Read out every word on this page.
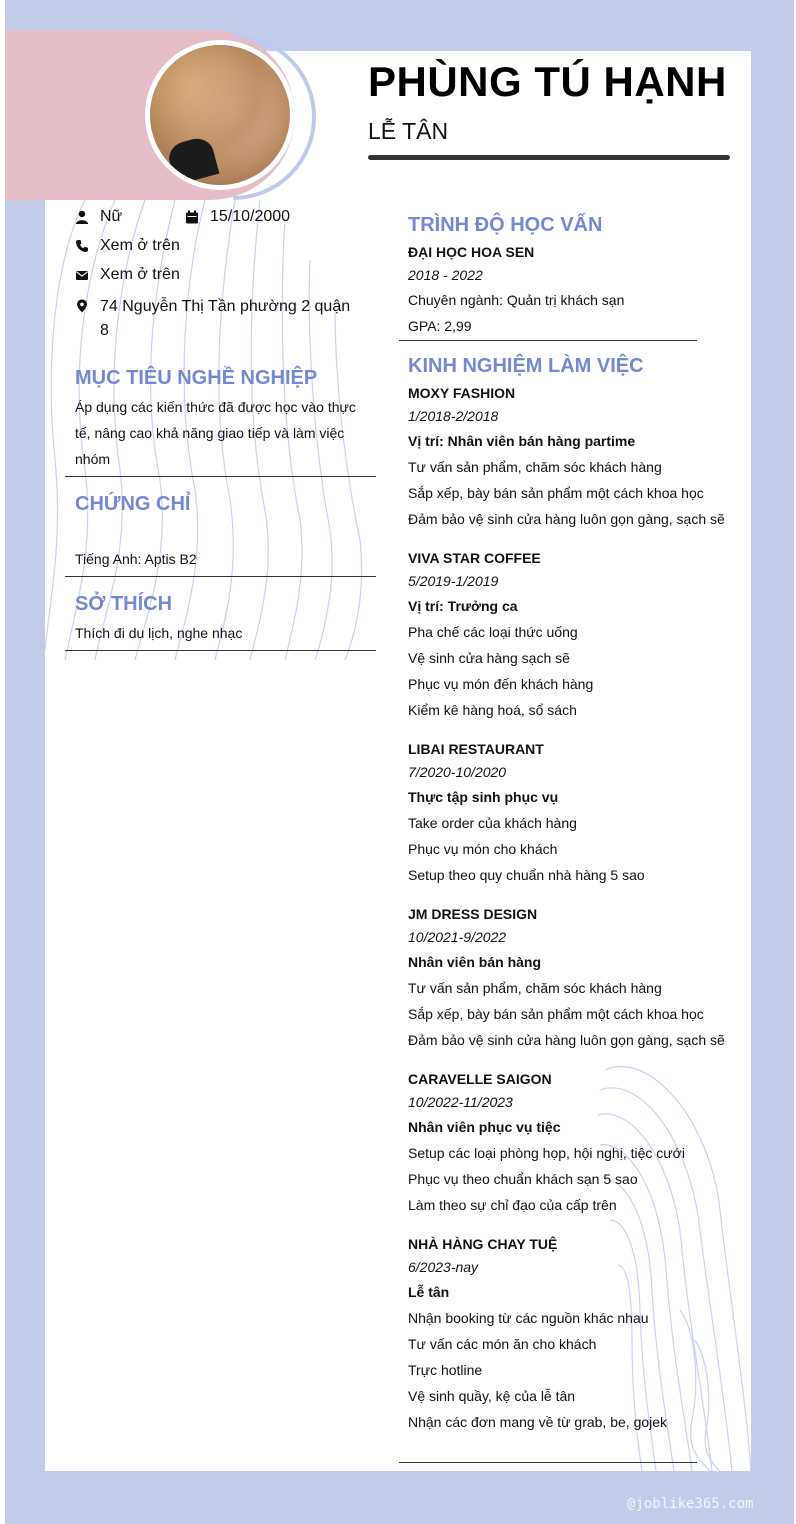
PHÙNG TÚ HẠNH
LỄ TÂN
Nữ	15/10/2000
Xem ở trên
Xem ở trên
74 Nguyễn Thị Tần phường 2 quận
8
MỤC TIÊU NGHỀ NGHIỆP
Áp dụng các kiến thức đã được học vào thực
tế, nâng cao khả năng giao tiếp và làm việc
nhóm
CHỨNG CHỈ
Tiếng Anh: Aptis B2
SỞ THÍCH
Thích đi du lịch, nghe nhạc
TRÌNH ĐỘ HỌC VẤN
ĐẠI HỌC HOA SEN
2018 - 2022
Chuyên ngành: Quản trị khách sạn
GPA: 2,99
KINH NGHIỆM LÀM VIỆC
MOXY FASHION
1/2018-2/2018
Vị trí: Nhân viên bán hàng partime
Tư vấn sản phẩm, chăm sóc khách hàng
Sắp xếp, bày bán sản phẩm một cách khoa học
Đảm bảo vệ sinh cửa hàng luôn gọn gàng, sạch sẽ
VIVA STAR COFFEE
5/2019-1/2019
Vị trí: Trưởng ca
Pha chế các loại thức uống
Vệ sinh cửa hàng sạch sẽ
Phục vụ món đến khách hàng
Kiểm kê hàng hoá, sổ sách
LIBAI RESTAURANT
7/2020-10/2020
Thực tập sinh phục vụ
Take order của khách hàng
Phục vụ món cho khách
Setup theo quy chuẩn nhà hàng 5 sao
JM DRESS DESIGN
10/2021-9/2022
Nhân viên bán hàng
Tư vấn sản phẩm, chăm sóc khách hàng
Sắp xếp, bày bán sản phẩm một cách khoa học
Đảm bảo vệ sinh cửa hàng luôn gọn gàng, sạch sẽ
CARAVELLE SAIGON
10/2022-11/2023
Nhân viên phục vụ tiệc
Setup các loại phòng họp, hội nghị, tiệc cưới
Phục vụ theo chuẩn khách sạn 5 sao
Làm theo sự chỉ đạo của cấp trên
NHÀ HÀNG CHAY TUỆ
6/2023-nay
Lễ tân
Nhận booking từ các nguồn khác nhau
Tư vấn các món ăn cho khách
Trực hotline
Vệ sinh quầy, kệ của lễ tân
Nhận các đơn mang về từ grab, be, gojek
@joblike365.com
